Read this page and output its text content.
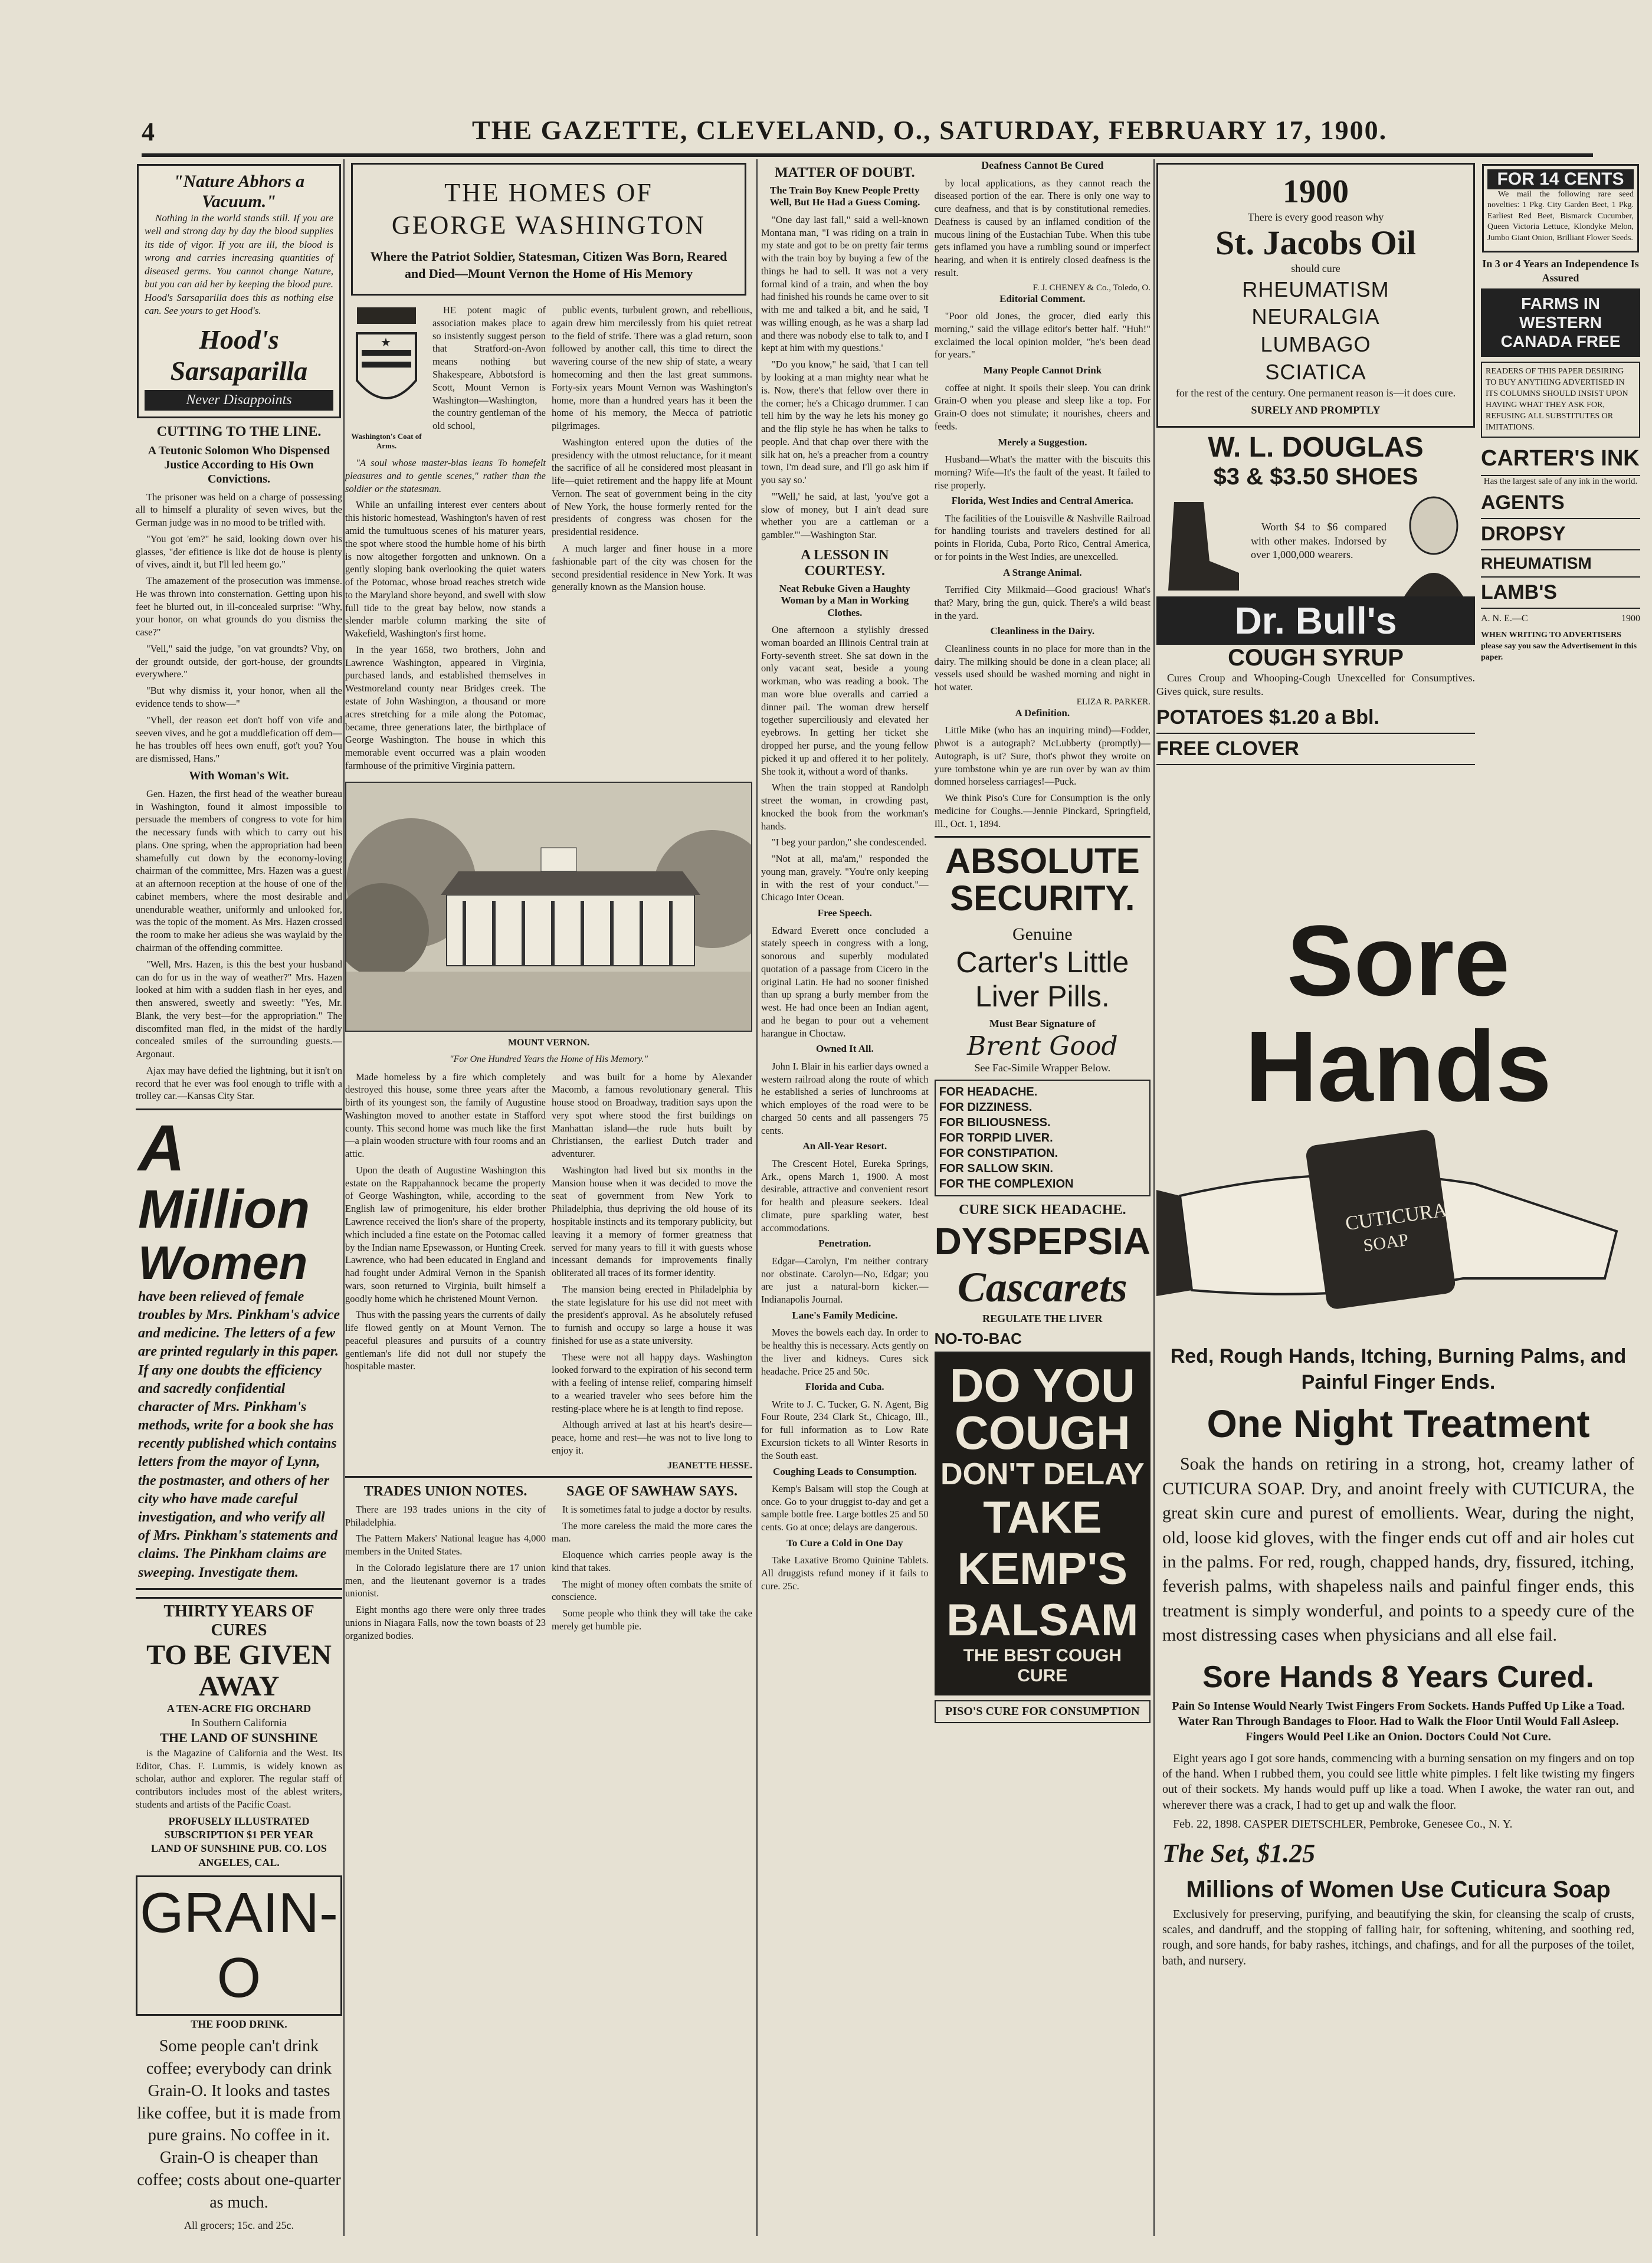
4	THE GAZETTE, CLEVELAND, O., SATURDAY, FEBRUARY 17, 1900.
"Nature Abhors a Vacuum."

Nothing in the world stands still. If you are well and strong day by day the blood supplies its tide of vigor. If you are ill, the blood is wrong and carries increasing quantities of diseased germs. You cannot change Nature, but you can aid her by keeping the blood pure. Hood's Sarsaparilla does this as nothing else can. See yours to get Hood's.

Hood's Sarsaparilla
Never Disappoints
CUTTING TO THE LINE.
A Teutonic Solomon Who Dispensed Justice According to His Own Convictions.

The prisoner was held on a charge of possessing all to himself a plurality of seven wives, but the German judge was in no mood to be trifled with.

"You got 'em?" he said, looking down over his glasses, "der efitience is like dot de house is plenty of vives, aindt it, but I'll led heem go."

The amazement of the prosecution was immense. He was thrown into consternation. Getting upon his feet he blurted out, in ill-concealed surprise: "Why, your honor, on what grounds do you dismiss the case?"

"Vell," said the judge, "on vat groundts? Vhy, on der groundt outside, der gort-house, der groundts everywhere."

"But why dismiss it, your honor, when all the evidence tends to show—"

"Vhell, der reason eet don't hoff von vife and seeven vives, and he got a muddlefication off dem—he has troubles off hees own enuff, got't you? You are dismissed, Hans."

With Woman's Wit.

Gen. Hazen, the first head of the weather bureau in Washington, found it almost impossible to persuade the members of congress to vote for him the necessary funds with which to carry out his plans. One spring, when the appropriation had been shamefully cut down by the economy-loving chairman of the committee, Mrs. Hazen was a guest at an afternoon reception at the house of one of the cabinet members, where the most desirable and unendurable weather, uniformly and unlooked for, was the topic of the moment. As Mrs. Hazen crossed the room to make her adieus she was waylaid by the chairman of the offending committee.

"Well, Mrs. Hazen, is this the best your husband can do for us in the way of weather?" Mrs. Hazen looked at him with a sudden flash in her eyes, and then answered, sweetly and sweetly: "Yes, Mr. Blank, the very best—for the appropriation." The discomfited man fled, in the midst of the hardly concealed smiles of the surrounding guests.—Argonaut.

Ajax may have defied the lightning, but it isn't on record that he ever was fool enough to trifle with a trolley car.—Kansas City Star.

A
Million
Women
have been relieved of female troubles by Mrs. Pinkham's advice and medicine. The letters of a few are printed regularly in this paper. If any one doubts the efficiency and sacredly confidential character of Mrs. Pinkham's methods, write for a book she has recently published which contains letters from the mayor of Lynn, the postmaster, and others of her city who have made careful investigation, and who verify all of Mrs. Pinkham's statements and claims. The Pinkham claims are sweeping. Investigate them.
THIRTY YEARS OF CURES
TO BE GIVEN AWAY
A TEN-ACRE FIG ORCHARD
In Southern California
THE LAND OF SUNSHINE

is the Magazine of California and the West. Its Editor, Chas. F. Lummis, is widely known as scholar, author and explorer. The regular staff of contributors includes most of the ablest writers, students and artists of the Pacific Coast.

PROFUSELY ILLUSTRATED
SUBSCRIPTION $1 PER YEAR
LAND OF SUNSHINE PUB. CO. LOS ANGELES, CAL.
GRAIN-O
THE FOOD DRINK.
Some people can't drink coffee; everybody can drink Grain-O. It looks and tastes like coffee, but it is made from pure grains. No coffee in it. Grain-O is cheaper than coffee; costs about one-quarter as much.
All grocers; 15c. and 25c.
THE HOMES OF
GEORGE WASHINGTON
Where the Patriot Soldier, Statesman, Citizen Was Born, Reared and Died—Mount Vernon the Home of His Memory
★
Washington's Coat of Arms.

HE potent magic of association makes place to so insistently suggest person that Stratford-on-Avon means nothing but Shakespeare, Abbotsford is Scott, Mount Vernon is Washington—Washington, the country gentleman of the old school,

"A soul whose master-bias leans To homefelt pleasures and to gentle scenes," rather than the soldier or the statesman.

While an unfailing interest ever centers about this historic homestead, Washington's haven of rest amid the tumultuous scenes of his maturer years, the spot where stood the humble home of his birth is now altogether forgotten and unknown. On a gently sloping bank overlooking the quiet waters of the Potomac, whose broad reaches stretch wide to the Maryland shore beyond, and swell with slow full tide to the great bay below, now stands a slender marble column marking the site of Wakefield, Washington's first home.

In the year 1658, two brothers, John and Lawrence Washington, appeared in Virginia, purchased lands, and established themselves in Westmoreland county near Bridges creek. The estate of John Washington, a thousand or more acres stretching for a mile along the Potomac, became, three generations later, the birthplace of George Washington. The house in which this memorable event occurred was a plain wooden farmhouse of the primitive Virginia pattern.

public events, turbulent grown, and rebellious, again drew him mercilessly from his quiet retreat to the field of strife. There was a glad return, soon followed by another call, this time to direct the wavering course of the new ship of state, a weary homecoming and then the last great summons. Forty-six years Mount Vernon was Washington's home, more than a hundred years has it been the home of his memory, the Mecca of patriotic pilgrimages.

Washington entered upon the duties of the presidency with the utmost reluctance, for it meant the sacrifice of all he considered most pleasant in life—quiet retirement and the happy life at Mount Vernon. The seat of government being in the city of New York, the house formerly rented for the presidents of congress was chosen for the presidential residence.

A much larger and finer house in a more fashionable part of the city was chosen for the second presidential residence in New York. It was generally known as the Mansion house.

MOUNT VERNON.
"For One Hundred Years the Home of His Memory."

Made homeless by a fire which completely destroyed this house, some three years after the birth of its youngest son, the family of Augustine Washington moved to another estate in Stafford county. This second home was much like the first—a plain wooden structure with four rooms and an attic.

Upon the death of Augustine Washington this estate on the Rappahannock became the property of George Washington, while, according to the English law of primogeniture, his elder brother Lawrence received the lion's share of the property, which included a fine estate on the Potomac called by the Indian name Epsewasson, or Hunting Creek. Lawrence, who had been educated in England and had fought under Admiral Vernon in the Spanish wars, soon returned to Virginia, built himself a goodly home which he christened Mount Vernon.

Thus with the passing years the currents of daily life flowed gently on at Mount Vernon. The peaceful pleasures and pursuits of a country gentleman's life did not dull nor stupefy the hospitable master.

and was built for a home by Alexander Macomb, a famous revolutionary general. This house stood on Broadway, tradition says upon the very spot where stood the first buildings on Manhattan island—the rude huts built by Christiansen, the earliest Dutch trader and adventurer.

Washington had lived but six months in the Mansion house when it was decided to move the seat of government from New York to Philadelphia, thus depriving the old house of its hospitable instincts and its temporary publicity, but leaving it a memory of former greatness that served for many years to fill it with guests whose incessant demands for improvements finally obliterated all traces of its former identity.

The mansion being erected in Philadelphia by the state legislature for his use did not meet with the president's approval. As he absolutely refused to furnish and occupy so large a house it was finished for use as a state university.

These were not all happy days. Washington looked forward to the expiration of his second term with a feeling of intense relief, comparing himself to a wearied traveler who sees before him the resting-place where he is at length to find repose.

Although arrived at last at his heart's desire—peace, home and rest—he was not to live long to enjoy it.

JEANETTE HESSE.
TRADES UNION NOTES.

There are 193 trades unions in the city of Philadelphia.

The Pattern Makers' National league has 4,000 members in the United States.

In the Colorado legislature there are 17 union men, and the lieutenant governor is a trades unionist.

Eight months ago there were only three trades unions in Niagara Falls, now the town boasts of 23 organized bodies.

SAGE OF SAWHAW SAYS.

It is sometimes fatal to judge a doctor by results.

The more careless the maid the more cares the man.

Eloquence which carries people away is the kind that takes.

The might of money often combats the smite of conscience.

Some people who think they will take the cake merely get humble pie.

MATTER OF DOUBT.
The Train Boy Knew People Pretty Well, But He Had a Guess Coming.

"One day last fall," said a well-known Montana man, "I was riding on a train in my state and got to be on pretty fair terms with the train boy by buying a few of the things he had to sell. It was not a very formal kind of a train, and when the boy had finished his rounds he came over to sit with me and talked a bit, and he said, 'I was willing enough, as he was a sharp lad and there was nobody else to talk to, and I kept at him with my questions.'

"Do you know," he said, 'that I can tell by looking at a man mighty near what he is. Now, there's that fellow over there in the corner; he's a Chicago drummer. I can tell him by the way he lets his money go and the flip style he has when he talks to people. And that chap over there with the silk hat on, he's a preacher from a country town, I'm dead sure, and I'll go ask him if you say so.'

"'Well,' he said, at last, 'you've got a slow of money, but I ain't dead sure whether you are a cattleman or a gambler.'"—Washington Star.

A LESSON IN COURTESY.
Neat Rebuke Given a Haughty Woman by a Man in Working Clothes.

One afternoon a stylishly dressed woman boarded an Illinois Central train at Forty-seventh street. She sat down in the only vacant seat, beside a young workman, who was reading a book. The man wore blue overalls and carried a dinner pail. The woman drew herself together superciliously and elevated her eyebrows. In getting her ticket she dropped her purse, and the young fellow picked it up and offered it to her politely. She took it, without a word of thanks.

When the train stopped at Randolph street the woman, in crowding past, knocked the book from the workman's hands.

"I beg your pardon," she condescended.

"Not at all, ma'am," responded the young man, gravely. "You're only keeping in with the rest of your conduct."—Chicago Inter Ocean.

Free Speech.

Edward Everett once concluded a stately speech in congress with a long, sonorous and superbly modulated quotation of a passage from Cicero in the original Latin. He had no sooner finished than up sprang a burly member from the west. He had once been an Indian agent, and he began to pour out a vehement harangue in Choctaw.

Owned It All.

John I. Blair in his earlier days owned a western railroad along the route of which he established a series of lunchrooms at which employes of the road were to be charged 50 cents and all passengers 75 cents.

An All-Year Resort.

The Crescent Hotel, Eureka Springs, Ark., opens March 1, 1900. A most desirable, attractive and convenient resort for health and pleasure seekers. Ideal climate, pure sparkling water, best accommodations.

Penetration.

Edgar—Carolyn, I'm neither contrary nor obstinate. Carolyn—No, Edgar; you are just a natural-born kicker.—Indianapolis Journal.

Lane's Family Medicine.

Moves the bowels each day. In order to be healthy this is necessary. Acts gently on the liver and kidneys. Cures sick headache. Price 25 and 50c.

Florida and Cuba.

Write to J. C. Tucker, G. N. Agent, Big Four Route, 234 Clark St., Chicago, Ill., for full information as to Low Rate Excursion tickets to all Winter Resorts in the South east.

Coughing Leads to Consumption.

Kemp's Balsam will stop the Cough at once. Go to your druggist to-day and get a sample bottle free. Large bottles 25 and 50 cents. Go at once; delays are dangerous.

To Cure a Cold in One Day

Take Laxative Bromo Quinine Tablets. All druggists refund money if it fails to cure. 25c.

Deafness Cannot Be Cured

by local applications, as they cannot reach the diseased portion of the ear. There is only one way to cure deafness, and that is by constitutional remedies. Deafness is caused by an inflamed condition of the mucous lining of the Eustachian Tube. When this tube gets inflamed you have a rumbling sound or imperfect hearing, and when it is entirely closed deafness is the result.

F. J. CHENEY & Co., Toledo, O.
Editorial Comment.

"Poor old Jones, the grocer, died early this morning," said the village editor's better half. "Huh!" exclaimed the local opinion molder, "he's been dead for years."

Many People Cannot Drink

coffee at night. It spoils their sleep. You can drink Grain-O when you please and sleep like a top. For Grain-O does not stimulate; it nourishes, cheers and feeds.

Merely a Suggestion.

Husband—What's the matter with the biscuits this morning? Wife—It's the fault of the yeast. It failed to rise properly.

Florida, West Indies and Central America.

The facilities of the Louisville & Nashville Railroad for handling tourists and travelers destined for all points in Florida, Cuba, Porto Rico, Central America, or for points in the West Indies, are unexcelled.

A Strange Animal.

Terrified City Milkmaid—Good gracious! What's that? Mary, bring the gun, quick. There's a wild beast in the yard.

Cleanliness in the Dairy.

Cleanliness counts in no place for more than in the dairy. The milking should be done in a clean place; all vessels used should be washed morning and night in hot water.

ELIZA R. PARKER.
A Definition.

Little Mike (who has an inquiring mind)—Fodder, phwot is a autograph? McLubberty (promptly)—Autograph, is ut? Sure, thot's phwot they wroite on yure tombstone whin ye are run over by wan av thim domned horseless carriages!—Puck.

We think Piso's Cure for Consumption is the only medicine for Coughs.—Jennie Pinckard, Springfield, Ill., Oct. 1, 1894.

ABSOLUTE SECURITY.
Genuine
Carter's Little Liver Pills.
Must Bear Signature of
Brent Good
See Fac-Simile Wrapper Below.
FOR HEADACHE.
FOR DIZZINESS.
FOR BILIOUSNESS.
FOR TORPID LIVER.
FOR CONSTIPATION.
FOR SALLOW SKIN.
FOR THE COMPLEXION
CURE SICK HEADACHE.
DYSPEPSIA
Cascarets
REGULATE THE LIVER
NO-TO-BAC
DO YOU COUGH
DON'T DELAY
TAKE KEMP'S BALSAM
THE BEST COUGH CURE
PISO'S CURE FOR CONSUMPTION
1900
There is every good reason why
St. Jacobs Oil
should cure
RHEUMATISM
NEURALGIA
LUMBAGO
SCIATICA
for the rest of the century. One permanent reason is—it does cure.
SURELY AND PROMPTLY
W. L. DOUGLAS
$3 & $3.50 SHOES

Worth $4 to $6 compared with other makes. Indorsed by over 1,000,000 wearers.

Dr. Bull's
COUGH SYRUP

Cures Croup and Whooping-Cough Unexcelled for Consumptives. Gives quick, sure results.

POTATOES $1.20 a Bbl.
FREE CLOVER
FOR 14 CENTS

We mail the following rare seed novelties: 1 Pkg. City Garden Beet, 1 Pkg. Earliest Red Beet, Bismarck Cucumber, Queen Victoria Lettuce, Klondyke Melon, Jumbo Giant Onion, Brilliant Flower Seeds.

In 3 or 4 Years an Independence Is Assured
FARMS IN WESTERN CANADA FREE
READERS OF THIS PAPER DESIRING TO BUY ANYTHING ADVERTISED IN ITS COLUMNS SHOULD INSIST UPON HAVING WHAT THEY ASK FOR, REFUSING ALL SUBSTITUTES OR IMITATIONS.
CARTER'S INK
Has the largest sale of any ink in the world.
AGENTS
DROPSY
RHEUMATISM
LAMB'S
A. N. E.—C	1900
WHEN WRITING TO ADVERTISERS please say you saw the Advertisement in this paper.
Sore Hands
CUTICURA
SOAP
Red, Rough Hands, Itching, Burning Palms, and Painful Finger Ends.
One Night Treatment

Soak the hands on retiring in a strong, hot, creamy lather of CUTICURA SOAP. Dry, and anoint freely with CUTICURA, the great skin cure and purest of emollients. Wear, during the night, old, loose kid gloves, with the finger ends cut off and air holes cut in the palms. For red, rough, chapped hands, dry, fissured, itching, feverish palms, with shapeless nails and painful finger ends, this treatment is simply wonderful, and points to a speedy cure of the most distressing cases when physicians and all else fail.

Sore Hands 8 Years Cured.

Pain So Intense Would Nearly Twist Fingers From Sockets. Hands Puffed Up Like a Toad. Water Ran Through Bandages to Floor. Had to Walk the Floor Until Would Fall Asleep. Fingers Would Peel Like an Onion. Doctors Could Not Cure.

Eight years ago I got sore hands, commencing with a burning sensation on my fingers and on top of the hand. When I rubbed them, you could see little white pimples. I felt like twisting my fingers out of their sockets. My hands would puff up like a toad. When I awoke, the water ran out, and wherever there was a crack, I had to get up and walk the floor.

Feb. 22, 1898. CASPER DIETSCHLER, Pembroke, Genesee Co., N. Y.

The Set, $1.25
Millions of Women Use Cuticura Soap

Exclusively for preserving, purifying, and beautifying the skin, for cleansing the scalp of crusts, scales, and dandruff, and the stopping of falling hair, for softening, whitening, and soothing red, rough, and sore hands, for baby rashes, itchings, and chafings, and for all the purposes of the toilet, bath, and nursery.
